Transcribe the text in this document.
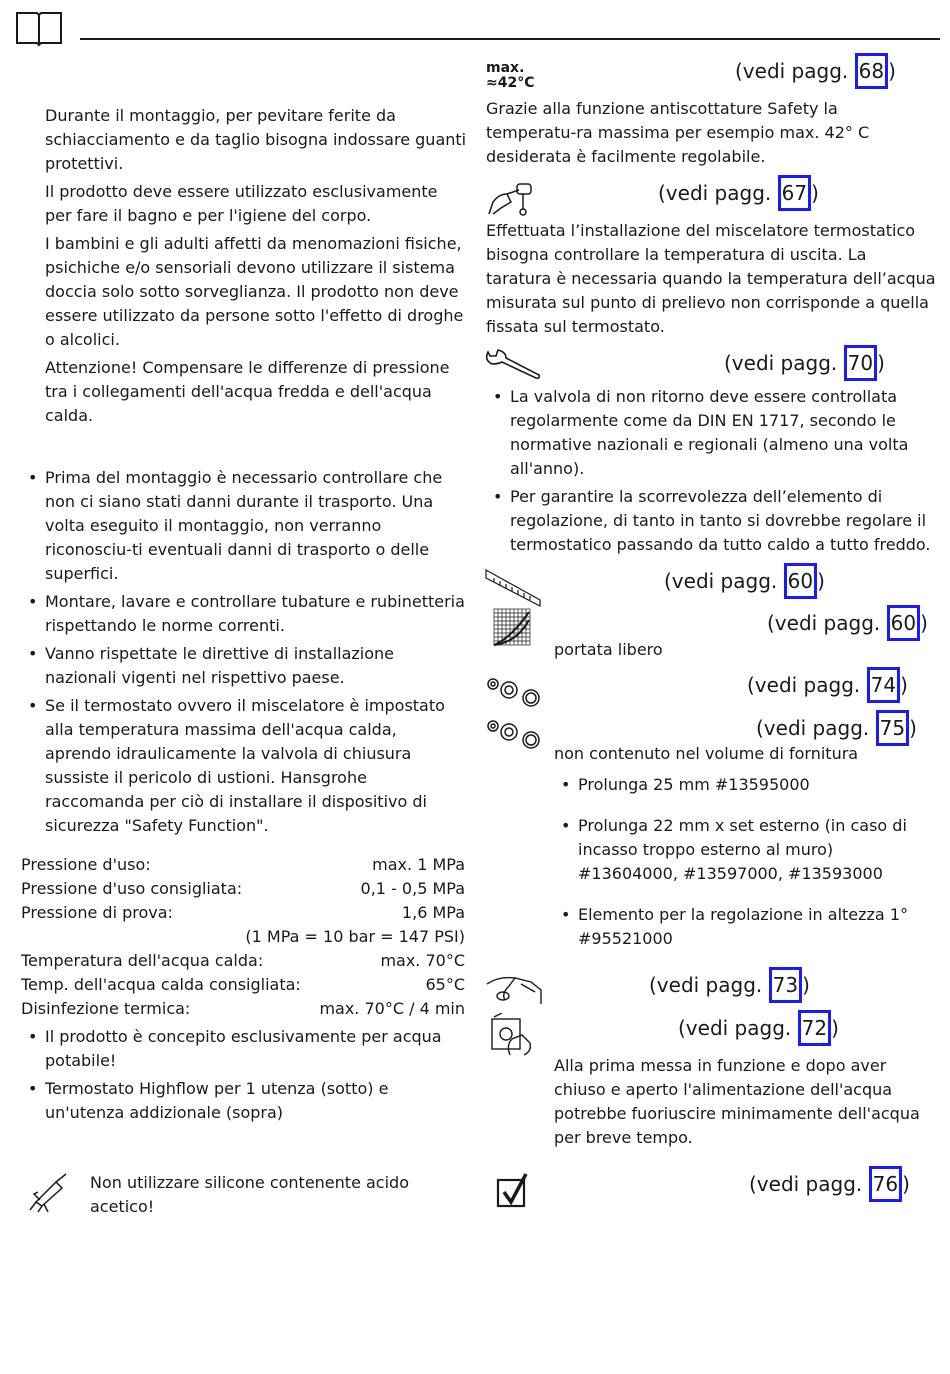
Durante il montaggio, per pevitare ferite da schiacciamento e da taglio bisogna indossare guanti protettivi.

Il prodotto deve essere utilizzato esclusivamente per fare il bagno e per l'igiene del corpo.

I bambini e gli adulti affetti da menomazioni fisiche, psichiche e/o sensoriali devono utilizzare il sistema doccia solo sotto sorveglianza. Il prodotto non deve essere utilizzato da persone sotto l'effetto di droghe o alcolici.

Attenzione! Compensare le differenze di pressione tra i collegamenti dell'acqua fredda e dell'acqua calda.

• Prima del montaggio è necessario controllare che non ci siano stati danni durante il trasporto. Una volta eseguito il montaggio, non verranno riconosciu-ti eventuali danni di trasporto o delle superfici.
• Montare, lavare e controllare tubature e rubinetteria rispettando le norme correnti.
• Vanno rispettate le direttive di installazione nazionali vigenti nel rispettivo paese.
• Se il termostato ovvero il miscelatore è impostato alla temperatura massima dell'acqua calda, aprendo idraulicamente la valvola di chiusura sussiste il pericolo di ustioni. Hansgrohe raccomanda per ciò di installare il dispositivo di sicurezza "Safety Function".
Pressione d'uso:	max. 1 MPa
Pressione d'uso consigliata:	0,1 - 0,5 MPa
Pressione di prova:	1,6 MPa
(1 MPa = 10 bar = 147 PSI)
Temperatura dell'acqua calda:	max. 70°C
Temp. dell'acqua calda consigliata:	65°C
Disinfezione termica:	max. 70°C / 4 min
• Il prodotto è concepito esclusivamente per acqua potabile!
• Termostato Highflow per 1 utenza (sotto) e un'utenza addizionale (sopra)
Non utilizzare silicone contenente acido acetico!
max.
≈42°C	(vedi pagg. 68 )
Grazie alla funzione antiscottature Safety la temperatu-ra massima per esempio max. 42° C desiderata è facilmente regolabile.
(vedi pagg. 67 )
Effettuata l’installazione del miscelatore termostatico bisogna controllare la temperatura di uscita. La taratura è necessaria quando la temperatura dell’acqua misurata sul punto di prelievo non corrisponde a quella fissata sul termostato.
(vedi pagg. 70 )
• La valvola di non ritorno deve essere controllata regolarmente come da DIN EN 1717, secondo le normative nazionali e regionali (almeno una volta all'anno).
• Per garantire la scorrevolezza dell’elemento di regolazione, di tanto in tanto si dovrebbe regolare il termostatico passando da tutto caldo a tutto freddo.
(vedi pagg. 60 )
(vedi pagg. 60 )
portata libero
(vedi pagg. 74 )
(vedi pagg. 75 )
non contenuto nel volume di fornitura
• Prolunga 25 mm #13595000
• Prolunga 22 mm x set esterno (in caso di incasso troppo esterno al muro) #13604000, #13597000, #13593000
• Elemento per la regolazione in altezza 1° #95521000
(vedi pagg. 73 )
(vedi pagg. 72 )
Alla prima messa in funzione e dopo aver chiuso e aperto l'alimentazione dell'acqua potrebbe fuoriuscire minimamente dell'acqua per breve tempo.
(vedi pagg. 76 )
